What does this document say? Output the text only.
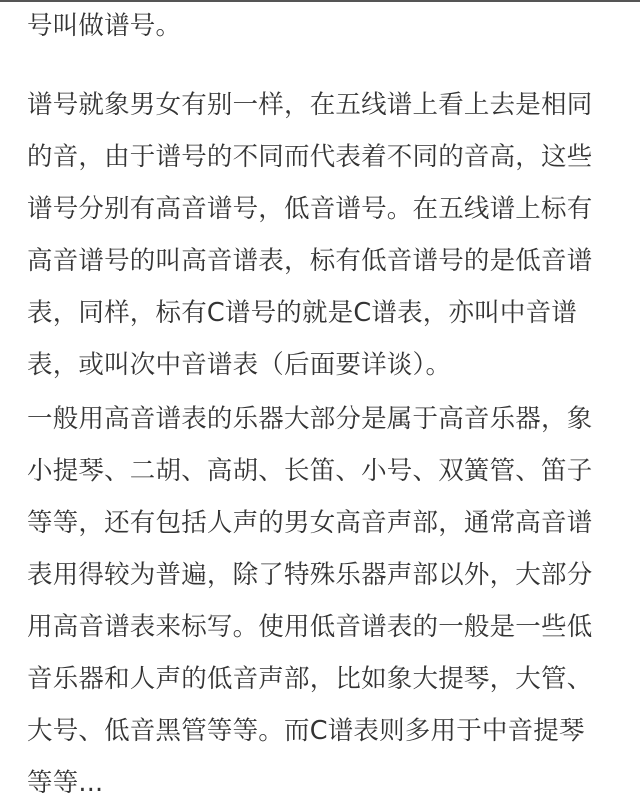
号叫做谱号。
谱号就象男女有别一样，在五线谱上看上去是相同
的音，由于谱号的不同而代表着不同的音高，这些
谱号分别有高音谱号，低音谱号。在五线谱上标有
高音谱号的叫高音谱表，标有低音谱号的是低音谱
表，同样，标有C谱号的就是C谱表，亦叫中音谱
表，或叫次中音谱表（后面要详谈）。
一般用高音谱表的乐器大部分是属于高音乐器，象
小提琴、二胡、高胡、长笛、小号、双簧管、笛子
等等，还有包括人声的男女高音声部，通常高音谱
表用得较为普遍，除了特殊乐器声部以外，大部分
用高音谱表来标写。使用低音谱表的一般是一些低
音乐器和人声的低音声部，比如象大提琴，大管、
大号、低音黑管等等。而C谱表则多用于中音提琴
等等...
